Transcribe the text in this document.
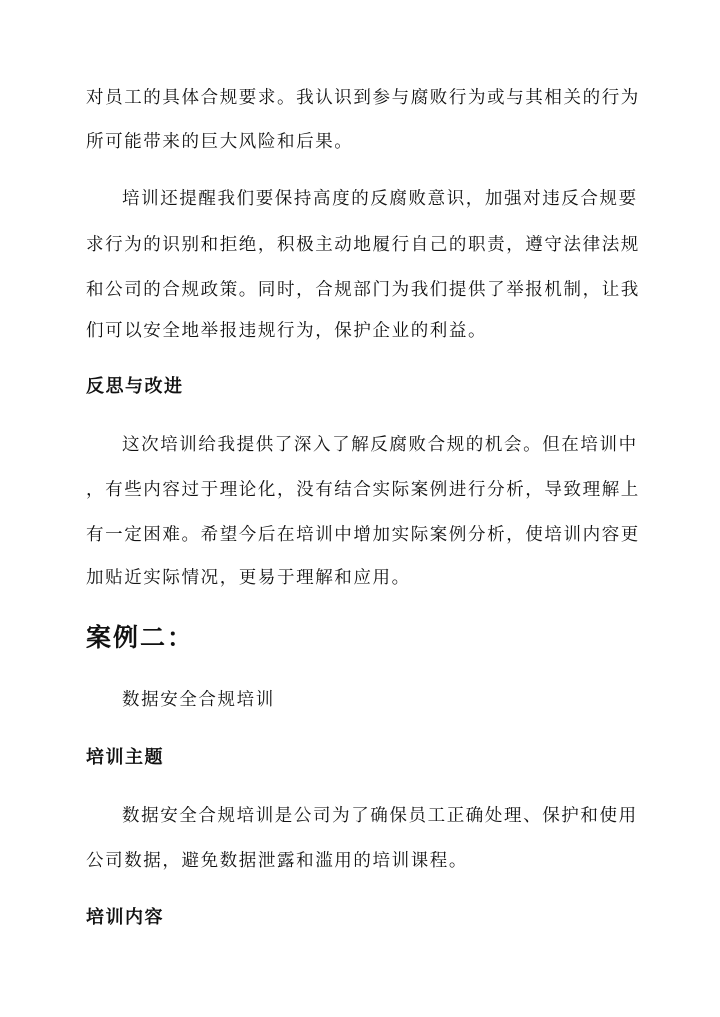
对员工的具体合规要求。我认识到参与腐败行为或与其相关的行为
所可能带来的巨大风险和后果。
培训还提醒我们要保持高度的反腐败意识，加强对违反合规要
求行为的识别和拒绝，积极主动地履行自己的职责，遵守法律法规
和公司的合规政策。同时，合规部门为我们提供了举报机制，让我
们可以安全地举报违规行为，保护企业的利益。
反思与改进
这次培训给我提供了深入了解反腐败合规的机会。但在培训中
，有些内容过于理论化，没有结合实际案例进行分析，导致理解上
有一定困难。希望今后在培训中增加实际案例分析，使培训内容更
加贴近实际情况，更易于理解和应用。
案例二：
数据安全合规培训
培训主题
数据安全合规培训是公司为了确保员工正确处理、保护和使用
公司数据，避免数据泄露和滥用的培训课程。
培训内容
